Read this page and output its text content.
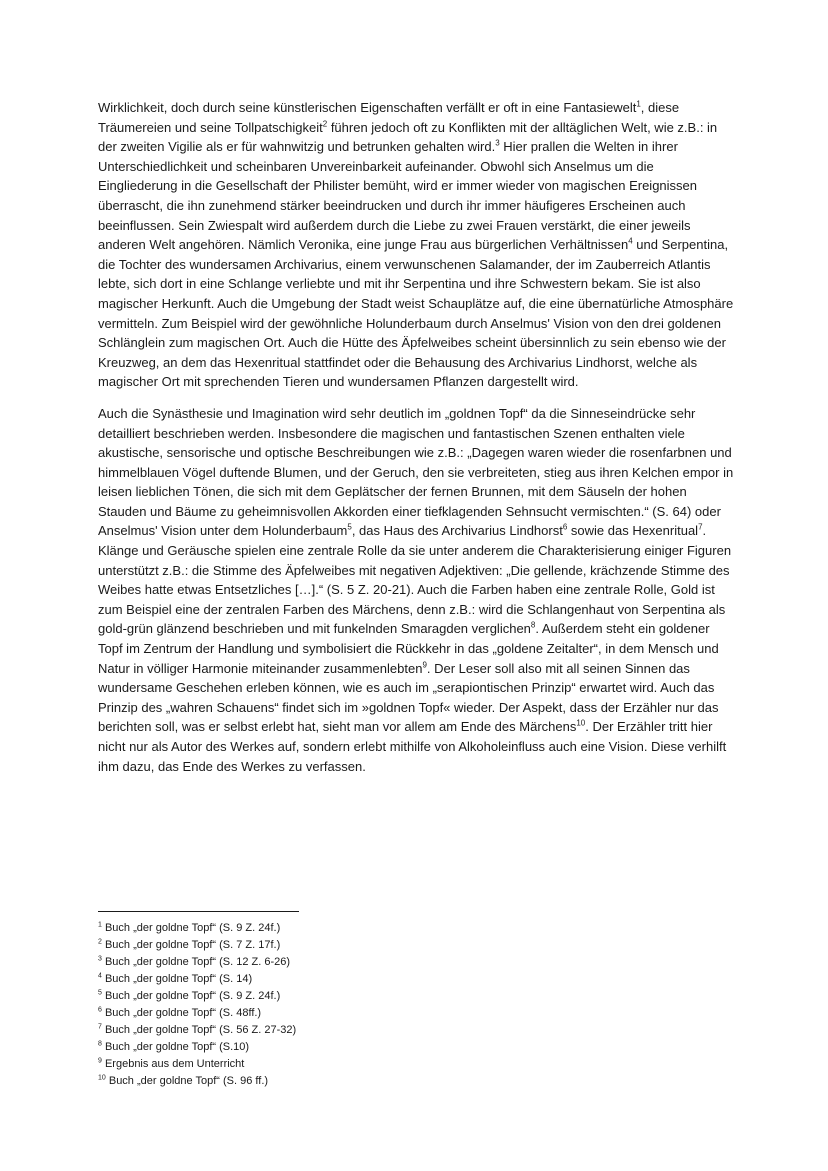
Wirklichkeit, doch durch seine künstlerischen Eigenschaften verfällt er oft in eine Fantasiewelt$^1$, diese Träumereien und seine Tollpatschigkeit$^2$ führen jedoch oft zu Konflikten mit der alltäglichen Welt, wie z.B.: in der zweiten Vigilie als er für wahnwitzig und betrunken gehalten wird.$^3$ Hier prallen die Welten in ihrer Unterschiedlichkeit und scheinbaren Unvereinbarkeit aufeinander. Obwohl sich Anselmus um die Eingliederung in die Gesellschaft der Philister bemüht, wird er immer wieder von magischen Ereignissen überrascht, die ihn zunehmend stärker beeindrucken und durch ihr immer häufigeres Erscheinen auch beeinflussen. Sein Zwiespalt wird außerdem durch die Liebe zu zwei Frauen verstärkt, die einer jeweils anderen Welt angehören. Nämlich Veronika, eine junge Frau aus bürgerlichen Verhältnissen$^4$ und Serpentina, die Tochter des wundersamen Archivarius, einem verwunschenen Salamander, der im Zauberreich Atlantis lebte, sich dort in eine Schlange verliebte und mit ihr Serpentina und ihre Schwestern bekam. Sie ist also magischer Herkunft. Auch die Umgebung der Stadt weist Schauplätze auf, die eine übernatürliche Atmosphäre vermitteln. Zum Beispiel wird der gewöhnliche Holunderbaum durch Anselmus' Vision von den drei goldenen Schlänglein zum magischen Ort. Auch die Hütte des Äpfelweibes scheint übersinnlich zu sein ebenso wie der Kreuzweg, an dem das Hexenritual stattfindet oder die Behausung des Archivarius Lindhorst, welche als magischer Ort mit sprechenden Tieren und wundersamen Pflanzen dargestellt wird.

Auch die Synästhesie und Imagination wird sehr deutlich im „goldnen Topf“ da die Sinneseindrücke sehr detailliert beschrieben werden. Insbesondere die magischen und fantastischen Szenen enthalten viele akustische, sensorische und optische Beschreibungen wie z.B.: „Dagegen waren wieder die rosenfarbnen und himmelblauen Vögel duftende Blumen, und der Geruch, den sie verbreiteten, stieg aus ihren Kelchen empor in leisen lieblichen Tönen, die sich mit dem Geplätscher der fernen Brunnen, mit dem Säuseln der hohen Stauden und Bäume zu geheimnisvollen Akkorden einer tiefklagenden Sehnsucht vermischten.“ (S. 64) oder Anselmus' Vision unter dem Holunderbaum$^5$, das Haus des Archivarius Lindhorst$^6$ sowie das Hexenritual$^7$. Klänge und Geräusche spielen eine zentrale Rolle da sie unter anderem die Charakterisierung einiger Figuren unterstützt z.B.: die Stimme des Äpfelweibes mit negativen Adjektiven: „Die gellende, krächzende Stimme des Weibes hatte etwas Entsetzliches […].“ (S. 5 Z. 20-21). Auch die Farben haben eine zentrale Rolle, Gold ist zum Beispiel eine der zentralen Farben des Märchens, denn z.B.: wird die Schlangenhaut von Serpentina als gold-grün glänzend beschrieben und mit funkelnden Smaragden verglichen$^8$. Außerdem steht ein goldener Topf im Zentrum der Handlung und symbolisiert die Rückkehr in das „goldene Zeitalter“, in dem Mensch und Natur in völliger Harmonie miteinander zusammenlebten$^9$. Der Leser soll also mit all seinen Sinnen das wundersame Geschehen erleben können, wie es auch im „serapiontischen Prinzip“ erwartet wird. Auch das Prinzip des „wahren Schauens“ findet sich im »goldnen Topf« wieder. Der Aspekt, dass der Erzähler nur das berichten soll, was er selbst erlebt hat, sieht man vor allem am Ende des Märchens$^{10}$. Der Erzähler tritt hier nicht nur als Autor des Werkes auf, sondern erlebt mithilfe von Alkoholeinfluss auch eine Vision. Diese verhilft ihm dazu, das Ende des Werkes zu verfassen.

$^1$ Buch „der goldne Topf“ (S. 9 Z. 24f.)

$^2$ Buch „der goldne Topf“ (S. 7 Z. 17f.)

$^3$ Buch „der goldne Topf“ (S. 12 Z. 6-26)

$^4$ Buch „der goldne Topf“ (S. 14)

$^5$ Buch „der goldne Topf“ (S. 9 Z. 24f.)

$^6$ Buch „der goldne Topf“ (S. 48ff.)

$^7$ Buch „der goldne Topf“ (S. 56 Z. 27-32)

$^8$ Buch „der goldne Topf“ (S.10)

$^9$ Ergebnis aus dem Unterricht

$^{10}$ Buch „der goldne Topf“ (S. 96 ff.)
